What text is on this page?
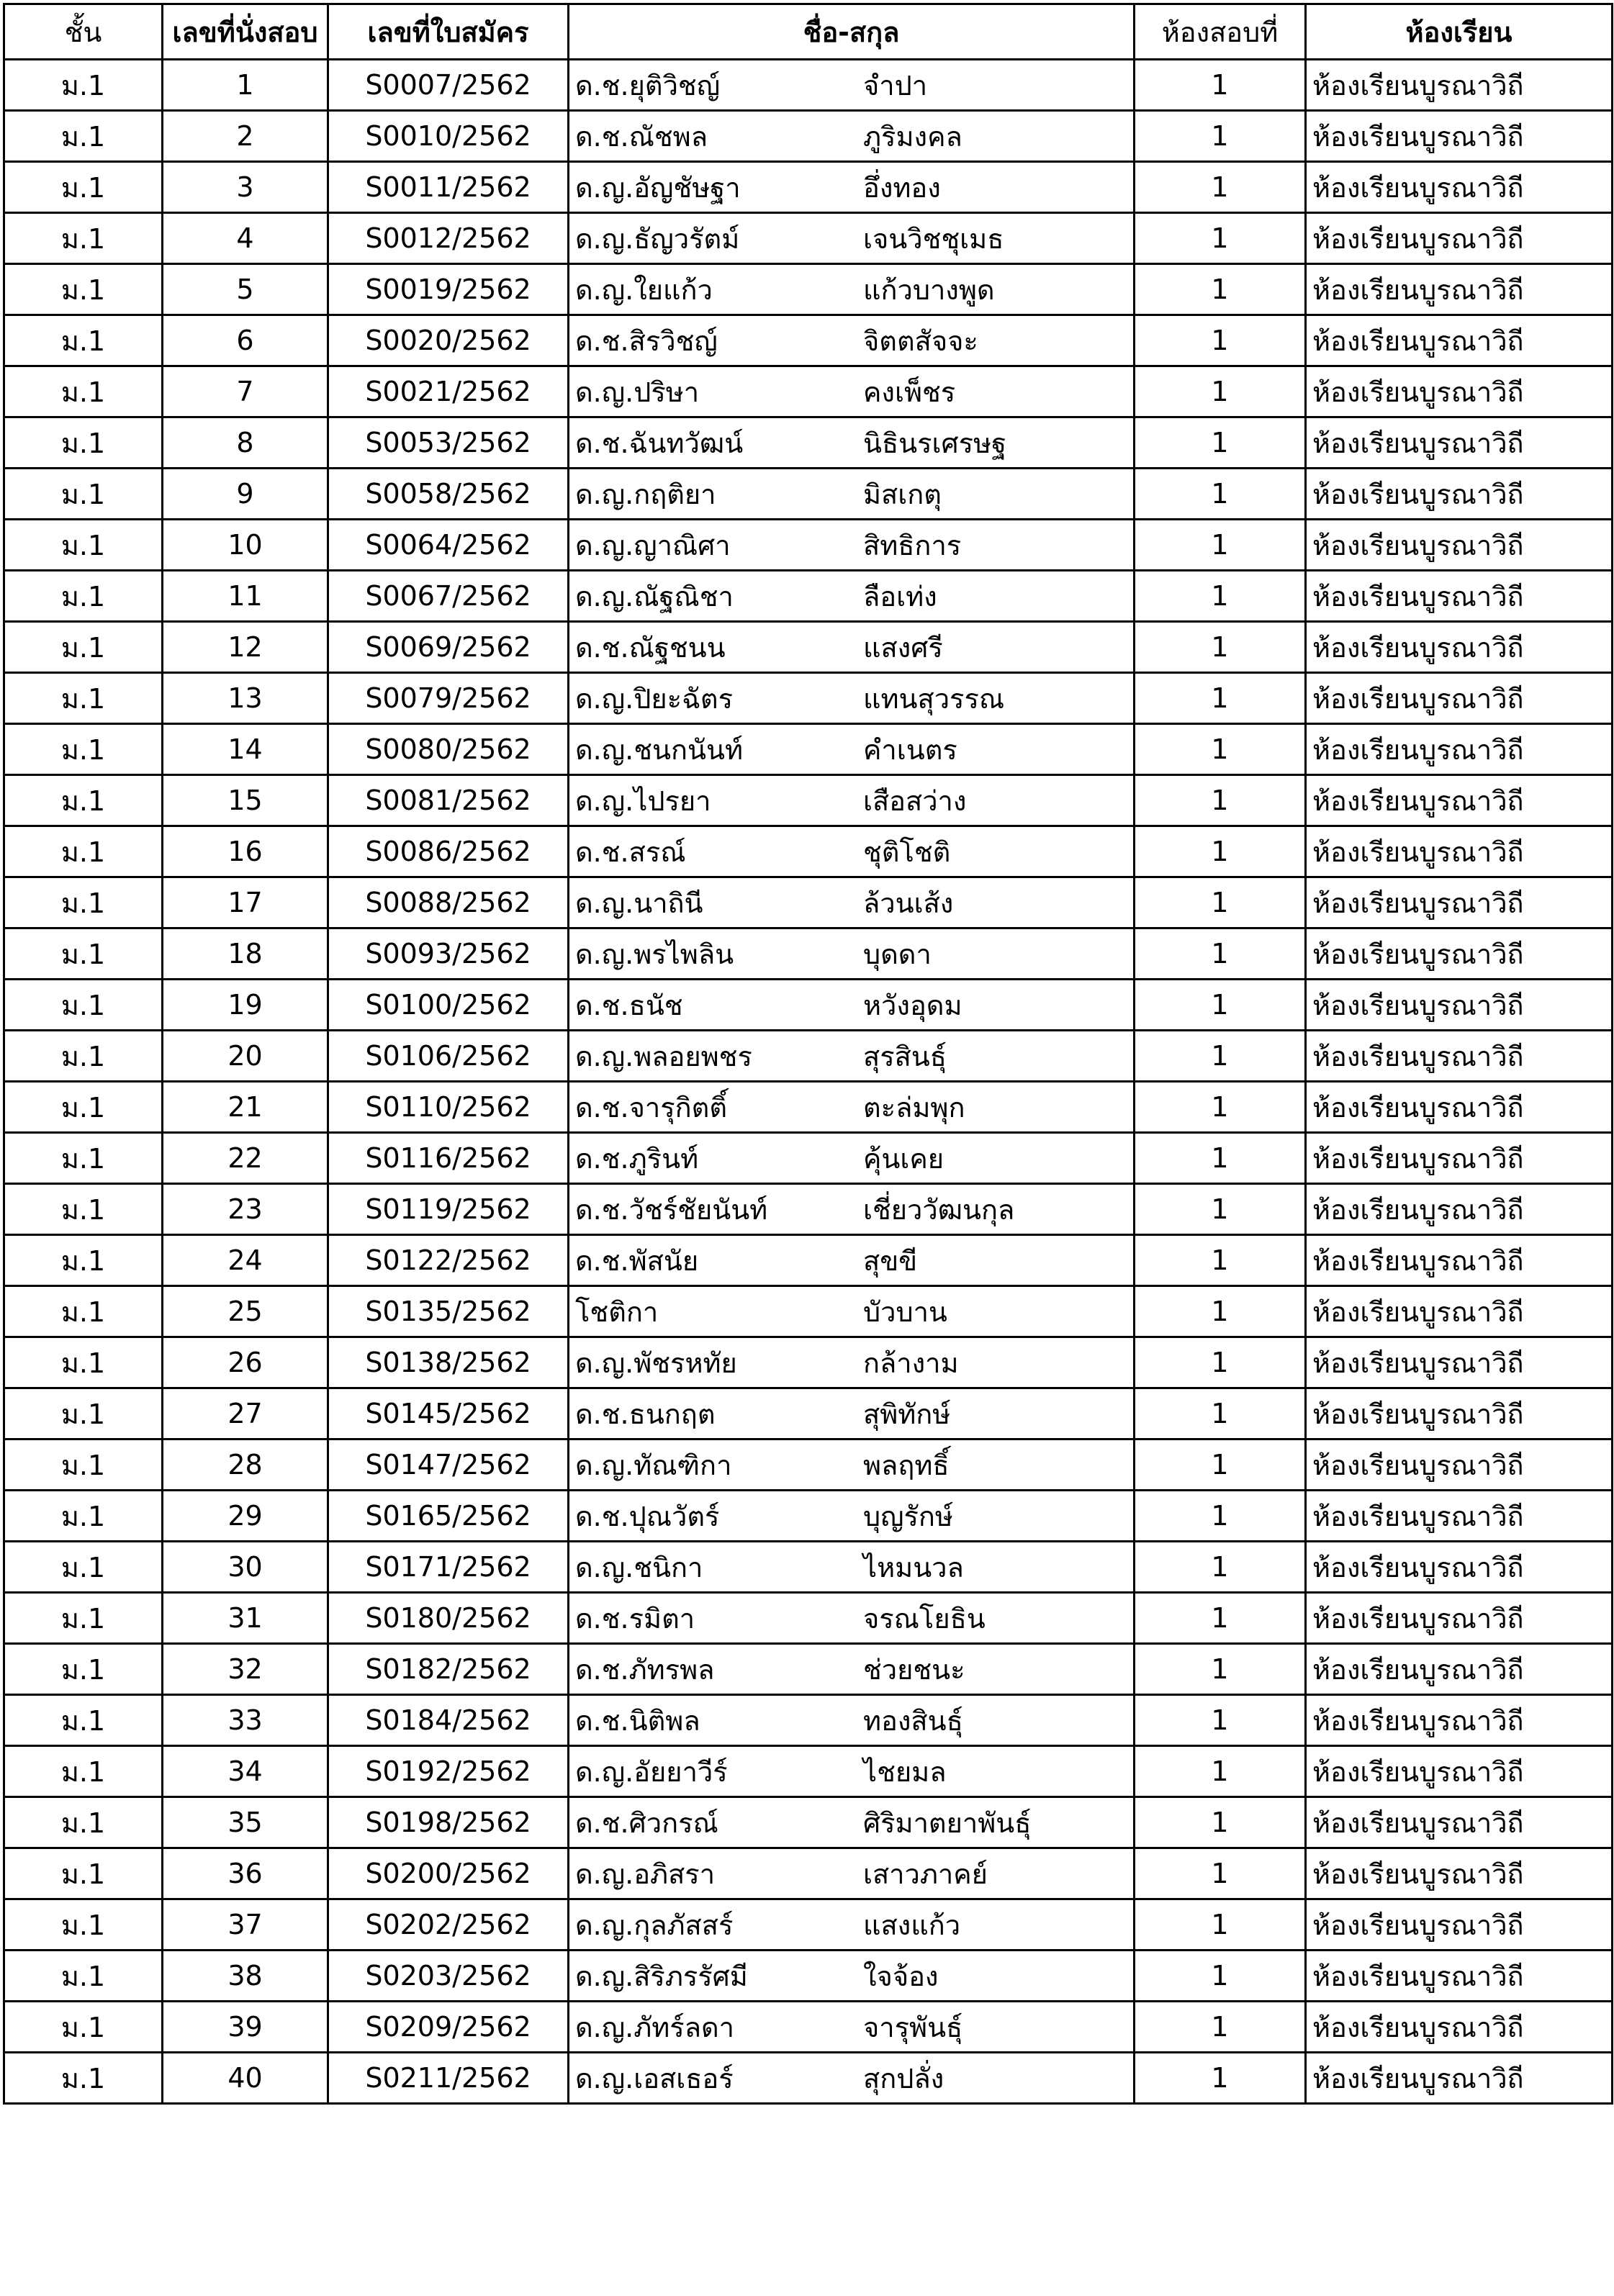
ชั้น	เลขที่นั่งสอบ	เลขที่ใบสมัคร	ชื่อ-สกุล	ห้องสอบที่	ห้องเรียน
ม.1	1	S0007/2562	ด.ช.ยุติวิชญ์ จำปา	1	ห้องเรียนบูรณาวิถี
ม.1	2	S0010/2562	ด.ช.ณัชพล ภูริมงคล	1	ห้องเรียนบูรณาวิถี
ม.1	3	S0011/2562	ด.ญ.อัญชัษฐา อึ่งทอง	1	ห้องเรียนบูรณาวิถี
ม.1	4	S0012/2562	ด.ญ.ธัญวรัตม์ เจนวิชชุเมธ	1	ห้องเรียนบูรณาวิถี
ม.1	5	S0019/2562	ด.ญ.ใยแก้ว แก้วบางพูด	1	ห้องเรียนบูรณาวิถี
ม.1	6	S0020/2562	ด.ช.สิรวิชญ์ จิตตสัจจะ	1	ห้องเรียนบูรณาวิถี
ม.1	7	S0021/2562	ด.ญ.ปริษา คงเพ็ชร	1	ห้องเรียนบูรณาวิถี
ม.1	8	S0053/2562	ด.ช.ฉันทวัฒน์ นิธินรเศรษฐ	1	ห้องเรียนบูรณาวิถี
ม.1	9	S0058/2562	ด.ญ.กฤติยา มิสเกตุ	1	ห้องเรียนบูรณาวิถี
ม.1	10	S0064/2562	ด.ญ.ญาณิศา สิทธิการ	1	ห้องเรียนบูรณาวิถี
ม.1	11	S0067/2562	ด.ญ.ณัฐณิชา ลือเท่ง	1	ห้องเรียนบูรณาวิถี
ม.1	12	S0069/2562	ด.ช.ณัฐชนน แสงศรี	1	ห้องเรียนบูรณาวิถี
ม.1	13	S0079/2562	ด.ญ.ปิยะฉัตร แทนสุวรรณ	1	ห้องเรียนบูรณาวิถี
ม.1	14	S0080/2562	ด.ญ.ชนกนันท์ คำเนตร	1	ห้องเรียนบูรณาวิถี
ม.1	15	S0081/2562	ด.ญ.ไปรยา เสือสว่าง	1	ห้องเรียนบูรณาวิถี
ม.1	16	S0086/2562	ด.ช.สรณ์ ชุติโชติ	1	ห้องเรียนบูรณาวิถี
ม.1	17	S0088/2562	ด.ญ.นาถินี ล้วนเส้ง	1	ห้องเรียนบูรณาวิถี
ม.1	18	S0093/2562	ด.ญ.พรไพลิน บุดดา	1	ห้องเรียนบูรณาวิถี
ม.1	19	S0100/2562	ด.ช.ธนัช หวังอุดม	1	ห้องเรียนบูรณาวิถี
ม.1	20	S0106/2562	ด.ญ.พลอยพชร สุรสินธุ์	1	ห้องเรียนบูรณาวิถี
ม.1	21	S0110/2562	ด.ช.จารุกิตติ์ ตะล่มพุก	1	ห้องเรียนบูรณาวิถี
ม.1	22	S0116/2562	ด.ช.ภูรินท์ คุ้นเคย	1	ห้องเรียนบูรณาวิถี
ม.1	23	S0119/2562	ด.ช.วัชร์ชัยนันท์ เชี่ยววัฒนกุล	1	ห้องเรียนบูรณาวิถี
ม.1	24	S0122/2562	ด.ช.พัสนัย สุขขี	1	ห้องเรียนบูรณาวิถี
ม.1	25	S0135/2562	โชติกา บัวบาน	1	ห้องเรียนบูรณาวิถี
ม.1	26	S0138/2562	ด.ญ.พัชรหทัย กล้างาม	1	ห้องเรียนบูรณาวิถี
ม.1	27	S0145/2562	ด.ช.ธนกฤต สุพิทักษ์	1	ห้องเรียนบูรณาวิถี
ม.1	28	S0147/2562	ด.ญ.ทัณฑิกา พลฤทธิ์	1	ห้องเรียนบูรณาวิถี
ม.1	29	S0165/2562	ด.ช.ปุณวัตร์ บุญรักษ์	1	ห้องเรียนบูรณาวิถี
ม.1	30	S0171/2562	ด.ญ.ชนิกา ไหมนวล	1	ห้องเรียนบูรณาวิถี
ม.1	31	S0180/2562	ด.ช.รมิตา จรณโยธิน	1	ห้องเรียนบูรณาวิถี
ม.1	32	S0182/2562	ด.ช.ภัทรพล ช่วยชนะ	1	ห้องเรียนบูรณาวิถี
ม.1	33	S0184/2562	ด.ช.นิติพล ทองสินธุ์	1	ห้องเรียนบูรณาวิถี
ม.1	34	S0192/2562	ด.ญ.อัยยาวีร์ ไชยมล	1	ห้องเรียนบูรณาวิถี
ม.1	35	S0198/2562	ด.ช.ศิวกรณ์ ศิริมาตยาพันธุ์	1	ห้องเรียนบูรณาวิถี
ม.1	36	S0200/2562	ด.ญ.อภิสรา เสาวภาคย์	1	ห้องเรียนบูรณาวิถี
ม.1	37	S0202/2562	ด.ญ.กุลภัสสร์ แสงแก้ว	1	ห้องเรียนบูรณาวิถี
ม.1	38	S0203/2562	ด.ญ.สิริภรรัศมี ใจจ้อง	1	ห้องเรียนบูรณาวิถี
ม.1	39	S0209/2562	ด.ญ.ภัทร์ลดา จารุพันธุ์	1	ห้องเรียนบูรณาวิถี
ม.1	40	S0211/2562	ด.ญ.เอสเธอร์ สุกปลั่ง	1	ห้องเรียนบูรณาวิถี
